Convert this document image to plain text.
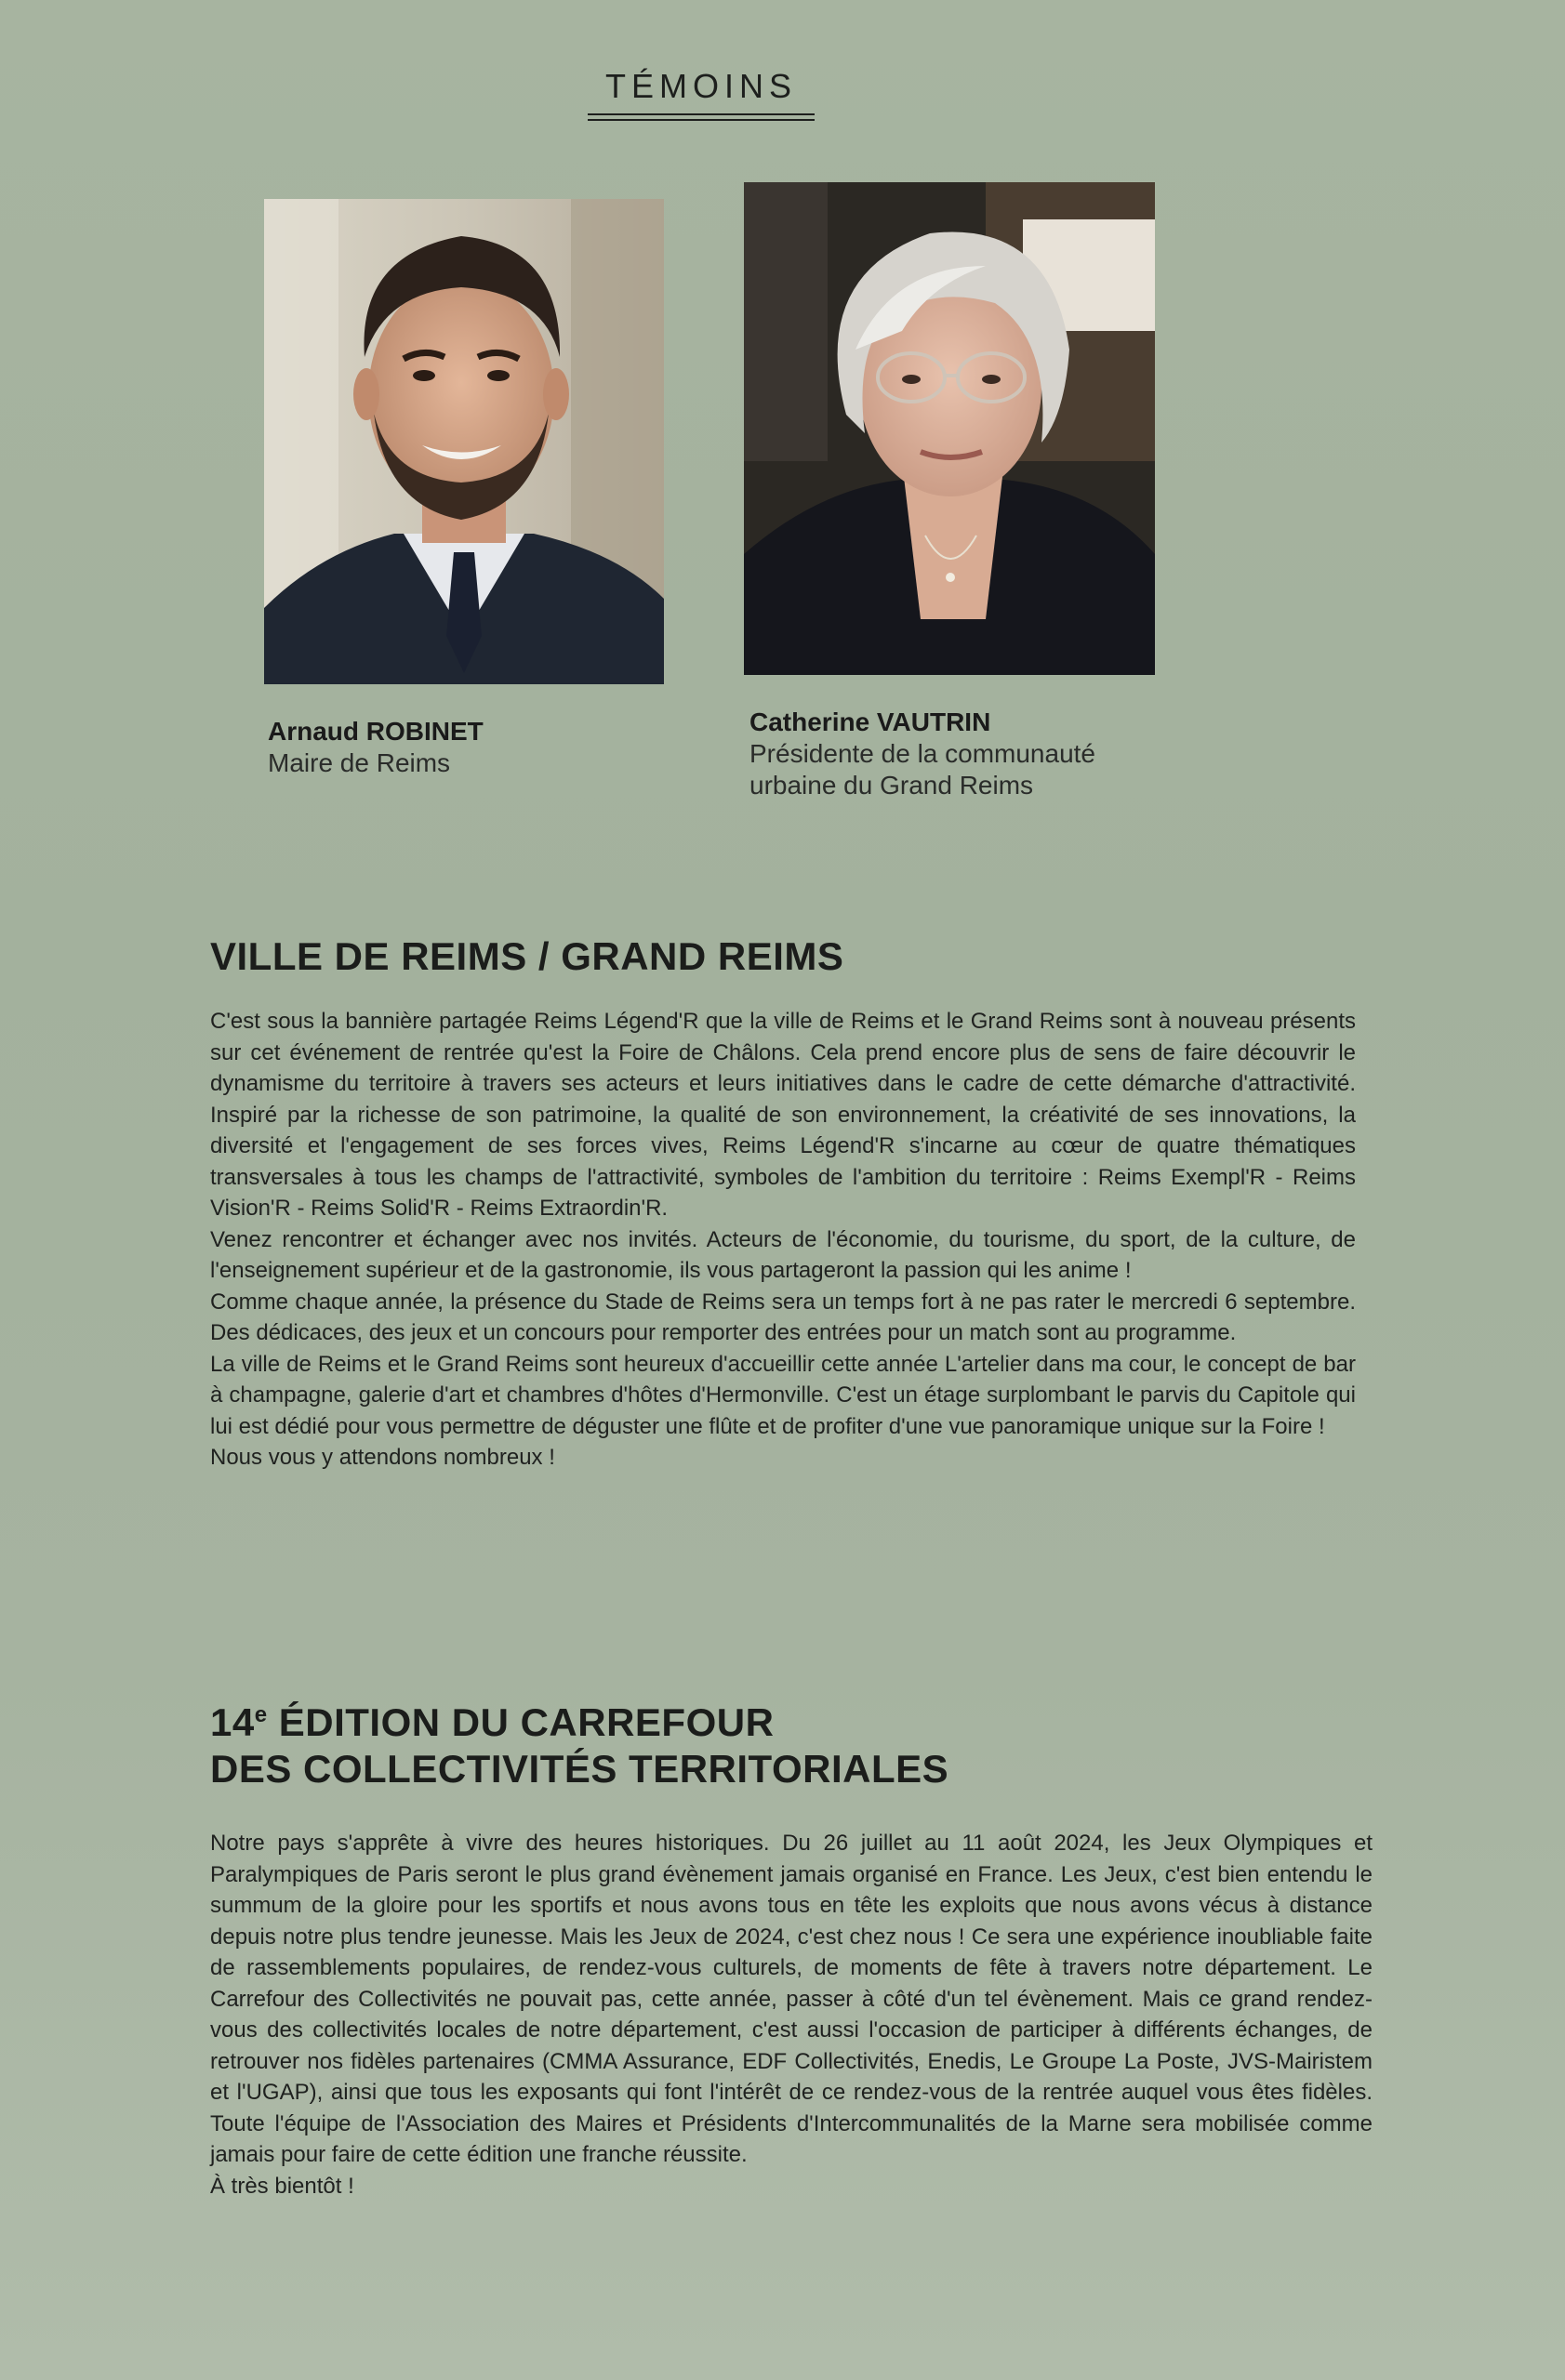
TÉMOINS
Arnaud ROBINET
Maire de Reims
Catherine VAUTRIN
Présidente de la communauté
urbaine du Grand Reims
VILLE DE REIMS / GRAND REIMS

C'est sous la bannière partagée Reims Légend'R que la ville de Reims et le Grand Reims sont à nouveau présents sur cet événement de rentrée qu'est la Foire de Châlons. Cela prend encore plus de sens de faire découvrir le dynamisme du territoire à travers ses acteurs et leurs initiatives dans le cadre de cette démarche d'attractivité. Inspiré par la richesse de son patrimoine, la qualité de son environnement, la créativité de ses innovations, la diversité et l'engagement de ses forces vives, Reims Légend'R s'incarne au cœur de quatre thématiques transversales à tous les champs de l'attractivité, symboles de l'ambition du territoire : Reims Exempl'R - Reims Vision'R - Reims Solid'R - Reims Extraordin'R.

Venez rencontrer et échanger avec nos invités. Acteurs de l'économie, du tourisme, du sport, de la culture, de l'enseignement supérieur et de la gastronomie, ils vous partageront la passion qui les anime !

Comme chaque année, la présence du Stade de Reims sera un temps fort à ne pas rater le mercredi 6 septembre. Des dédicaces, des jeux et un concours pour remporter des entrées pour un match sont au programme.

La ville de Reims et le Grand Reims sont heureux d'accueillir cette année L'artelier dans ma cour, le concept de bar à champagne, galerie d'art et chambres d'hôtes d'Hermonville. C'est un étage surplombant le parvis du Capitole qui lui est dédié pour vous permettre de déguster une flûte et de profiter d'une vue panoramique unique sur la Foire !

Nous vous y attendons nombreux !

14e ÉDITION DU CARREFOUR
DES COLLECTIVITÉS TERRITORIALES

Notre pays s'apprête à vivre des heures historiques. Du 26 juillet au 11 août 2024, les Jeux Olympiques et Paralympiques de Paris seront le plus grand évènement jamais organisé en France. Les Jeux, c'est bien entendu le summum de la gloire pour les sportifs et nous avons tous en tête les exploits que nous avons vécus à distance depuis notre plus tendre jeunesse. Mais les Jeux de 2024, c'est chez nous ! Ce sera une expérience inoubliable faite de rassemblements populaires, de rendez-vous culturels, de moments de fête à travers notre département. Le Carrefour des Collectivités ne pouvait pas, cette année, passer à côté d'un tel évènement. Mais ce grand rendez-vous des collectivités locales de notre département, c'est aussi l'occasion de participer à différents échanges, de retrouver nos fidèles partenaires (CMMA Assurance, EDF Collectivités, Enedis, Le Groupe La Poste, JVS-Mairistem et l'UGAP), ainsi que tous les exposants qui font l'intérêt de ce rendez-vous de la rentrée auquel vous êtes fidèles. Toute l'équipe de l'Association des Maires et Présidents d'Intercommunalités de la Marne sera mobilisée comme jamais pour faire de cette édition une franche réussite.

À très bientôt !
